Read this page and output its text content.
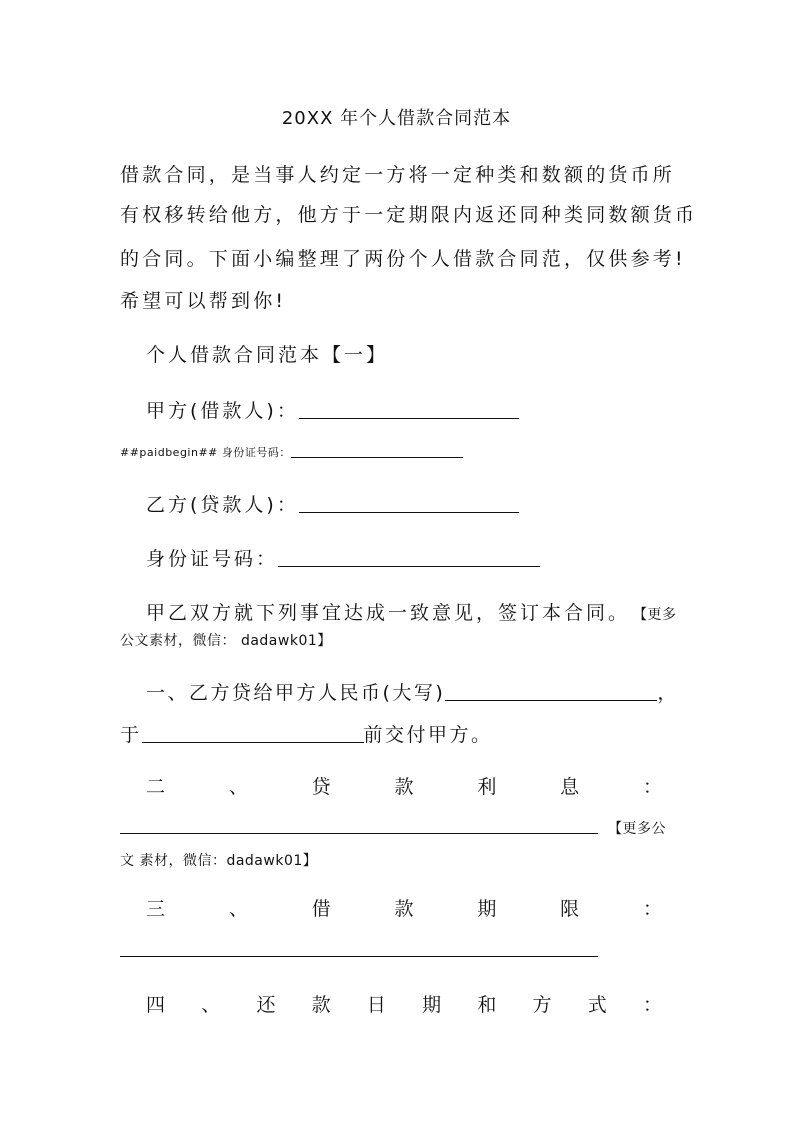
20XX 年个人借款合同范本
借款合同，是当事人约定一方将一定种类和数额的货币所
有权移转给他方，他方于一定期限内返还同种类同数额货币
的合同。下面小编整理了两份个人借款合同范，仅供参考!
希望可以帮到你!
个人借款合同范本【一】
甲方(借款人)：
##paidbegin## 身份证号码：
乙方(贷款人)：
身份证号码：
甲乙双方就下列事宜达成一致意见，签订本合同。 【更多
公文素材，微信： dadawk01】
一、乙方贷给甲方人民币(大写)	，
于	前交付甲方。
二	、	贷	款	利	息	：
【更多公
文 素材，微信：dadawk01】
三	、	借	款	期	限	：
四 、 还 款 日 期 和 方 式 ：
